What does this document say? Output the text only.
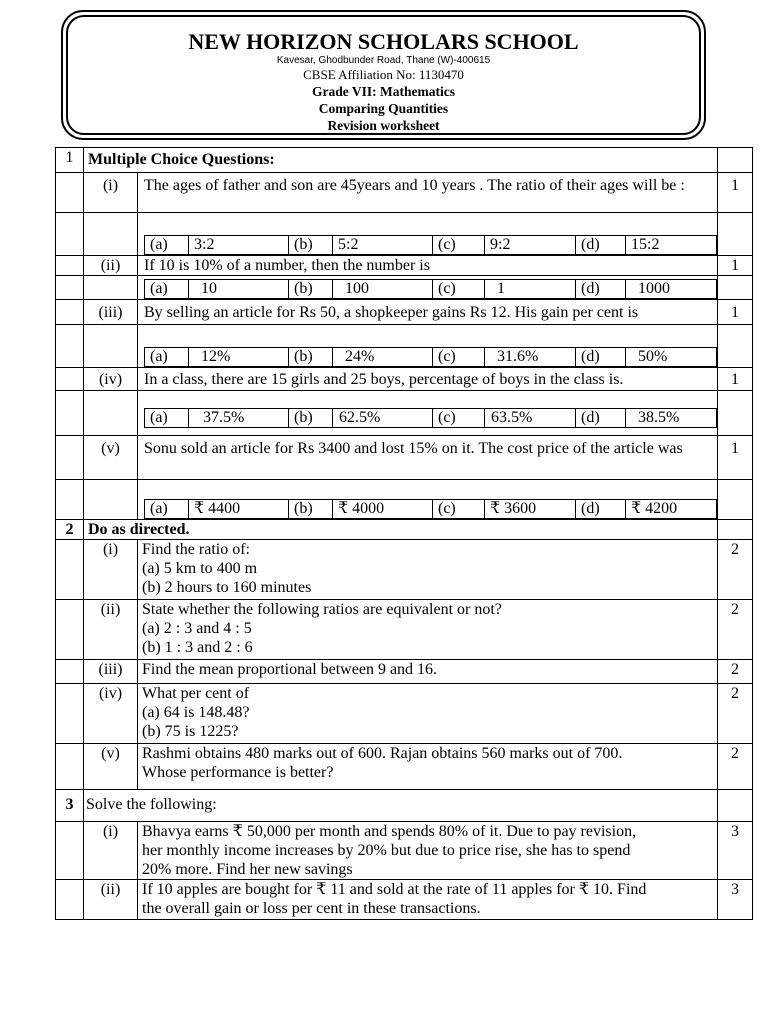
NEW HORIZON SCHOLARS SCHOOL
Kavesar, Ghodbunder Road, Thane (W)-400615
CBSE Affiliation No: 1130470
Grade VII: Mathematics
Comparing Quantities
Revision worksheet
1	Multiple Choice Questions:	
	(i)	The ages of father and son are 45years and 10 years . The ratio of their ages will be :	1

(a)	3:2	(b)	5:2	(c)	9:2	(d)	15:2

	(ii)	If 10 is 10% of a number, then the number is	1

(a)	10	(b)	100	(c)	1	(d)	1000

	(iii)	By selling an article for Rs 50, a shopkeeper gains Rs 12. His gain per cent is	1

(a)	12%	(b)	24%	(c)	31.6%	(d)	50%

	(iv)	In a class, there are 15 girls and 25 boys, percentage of boys in the class is.	1

(a)	37.5%	(b)	62.5%	(c)	63.5%	(d)	38.5%

	(v)	Sonu sold an article for Rs 3400 and lost 15% on it. The cost price of the article was	1

(a)	₹ 4400	(b)	₹ 4000	(c)	₹ 3600	(d)	₹ 4200

2	Do as directed.	
	(i)	Find the ratio of:
(a) 5 km to 400 m
(b) 2 hours to 160 minutes
	2
	(ii)	State whether the following ratios are equivalent or not?
(a) 2 : 3 and 4 : 5
(b) 1 : 3 and 2 : 6
	2
	(iii)	Find the mean proportional between 9 and 16.	2
	(iv)	What per cent of
(a) 64 is 148.48?
(b) 75 is 1225?
	2
	(v)	Rashmi obtains 480 marks out of 600. Rajan obtains 560 marks out of 700.
Whose performance is better?
	2
3	Solve the following:	
	(i)	Bhavya earns ₹ 50,000 per month and spends 80% of it. Due to pay revision,
her monthly income increases by 20% but due to price rise, she has to spend
20% more. Find her new savings
	3
	(ii)	If 10 apples are bought for ₹ 11 and sold at the rate of 11 apples for ₹ 10. Find
the overall gain or loss per cent in these transactions.
	3
